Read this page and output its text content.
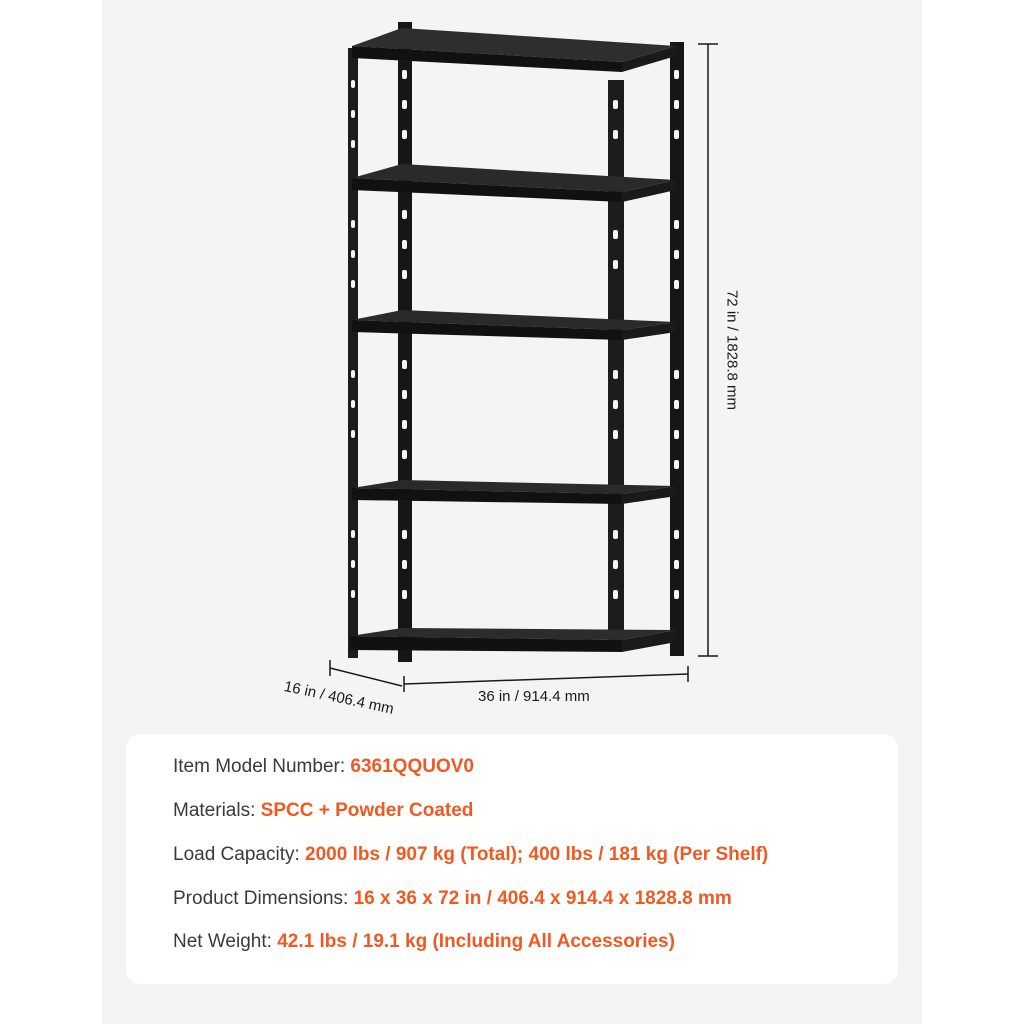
72 in / 1828.8 mm
16 in / 406.4 mm	36 in / 914.4 mm
Item Model Number: 6361QQUOV0
Materials: SPCC + Powder Coated
Load Capacity: 2000 lbs / 907 kg (Total); 400 lbs / 181 kg (Per Shelf)
Product Dimensions: 16 x 36 x 72 in / 406.4 x 914.4 x 1828.8 mm
Net Weight: 42.1 lbs / 19.1 kg (Including All Accessories)
